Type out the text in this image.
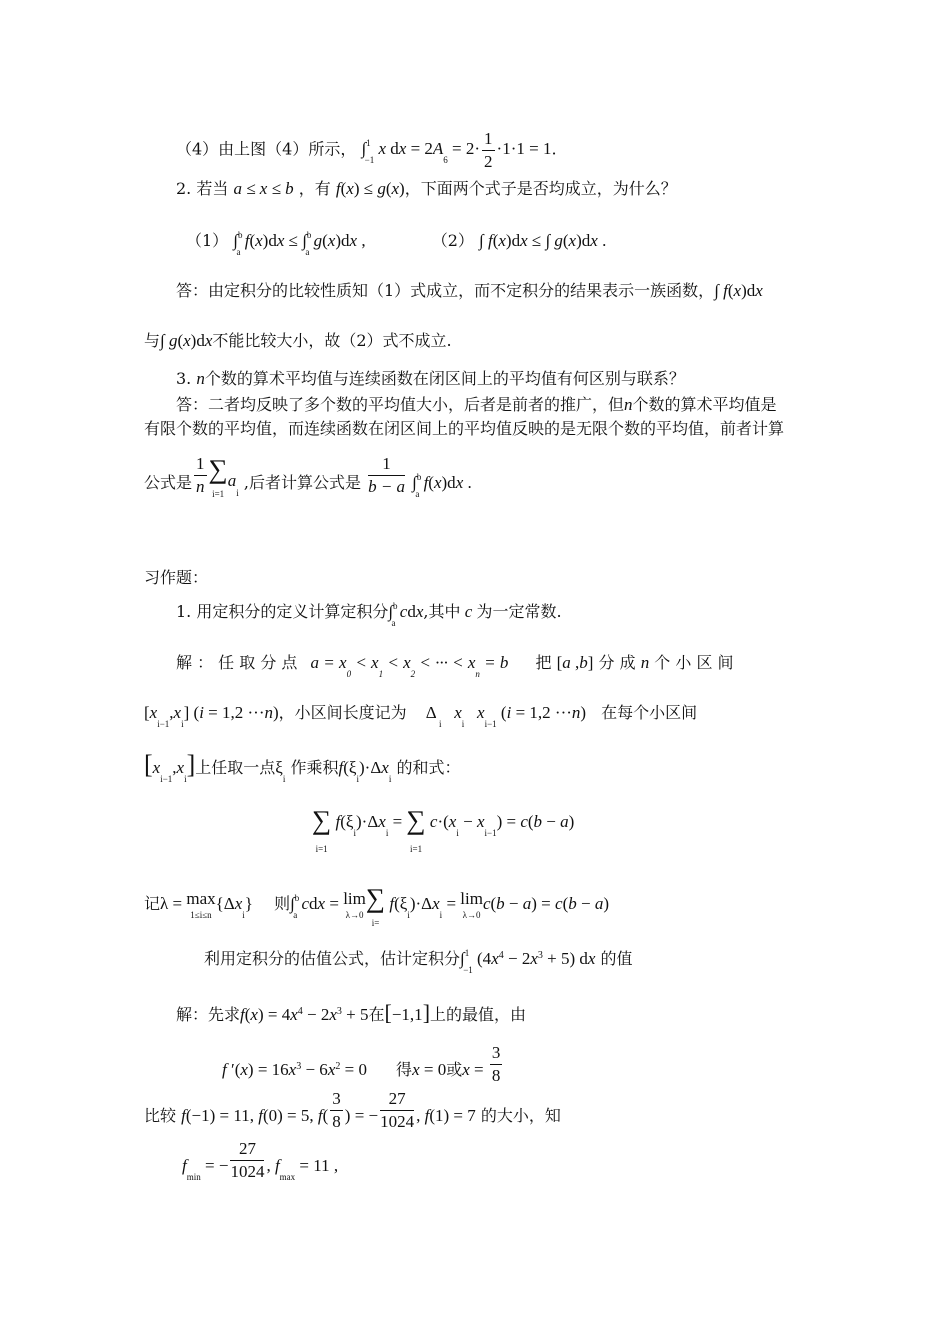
（4）由上图（4）所示， ∫$^1_{-1}$ x dx = $2A_6 = 2\cdot \frac{1}{2} \cdot 1\cdot 1 = 1$.
2. 若当 a ≤ x ≤ b ，有 f(x) ≤ g(x)，下面两个式子是否均成立，为什么？
（1） ∫$^b_a$ f(x)dx ≤ ∫$^b_a$ g(x)dx ,	（2） ∫ f(x)dx ≤ ∫ g(x)dx .
答：由定积分的比较性质知（1）式成立，而不定积分的结果表示一族函数，∫ f(x)dx
与∫ g(x)dx不能比较大小，故（2）式不成立.
3. n个数的算术平均值与连续函数在闭区间上的平均值有何区别与联系？
答：二者均反映了多个数的平均值大小，后者是前者的推广，但n个数的算术平均值是
有限个数的平均值，而连续函数在闭区间上的平均值反映的是无限个数的平均值，前者计算
公式是 $\frac{1}{n}$ ∑
i=1
$a_i$ ,后者计算公式是 $\frac{1}{b - a} \int^b_a$ f(x)dx .
习作题：
1. 用定积分的定义计算定积分∫$^b_a$ cdx,其中 c 为一定常数.
解 ： 任 取 分 点 $a = x_0 < x_1 < x_2$ < ··· < $x_n = b$ 把 [a ,b] 分 成 n 个 小 区 间
$[x_{i-1},x_i] (i = 1,2 \cdot\cdot\cdot n)$，小区间长度记为 Δ $_i$   $x_i$   $x_{i-1}$ (i = 1,2 ···n) 在每个小区间
$[x_{i-1},x_i]$上任取一点$\xi_i$ 作乘积$f(\xi_i)\cdot\Delta x_i$ 的和式：
∑
i=1
$f(\xi_i)\cdot\Delta x_i$ = ∑
i=1
$c\cdot(x_i - x_{i-1}) = c(b - a)$
记λ = max
1≤i≤n
$\{\Delta x_i\}$ 则∫$^b_a$ cdx = lim
λ→0
∑
i=
$f(\xi_i)\cdot\Delta x_i = \lim$
λ→0
c(b − a) = c(b − a)
利用定积分的估值公式，估计定积分∫$^1_{-1}$ $(4x^4 - 2x^3 + 5)$ dx 的值
解：先求$f(x) = 4x^4 - 2x^3 + 5$在[−1,1]上的最值，由
f $'(x) = 16x^3 - 6x^2 = 0$ 得x = 0或$x = \frac{3}{8}$
比较 f(−1) = 11, f(0) = 5, $f( \frac{3}{8}$ ) = − $\frac{27}{1024}$ , f(1) = 7 的大小，知
$f_{min}$ = − $\frac{27}{1024}$ , $f_{max} = 11$ ,
